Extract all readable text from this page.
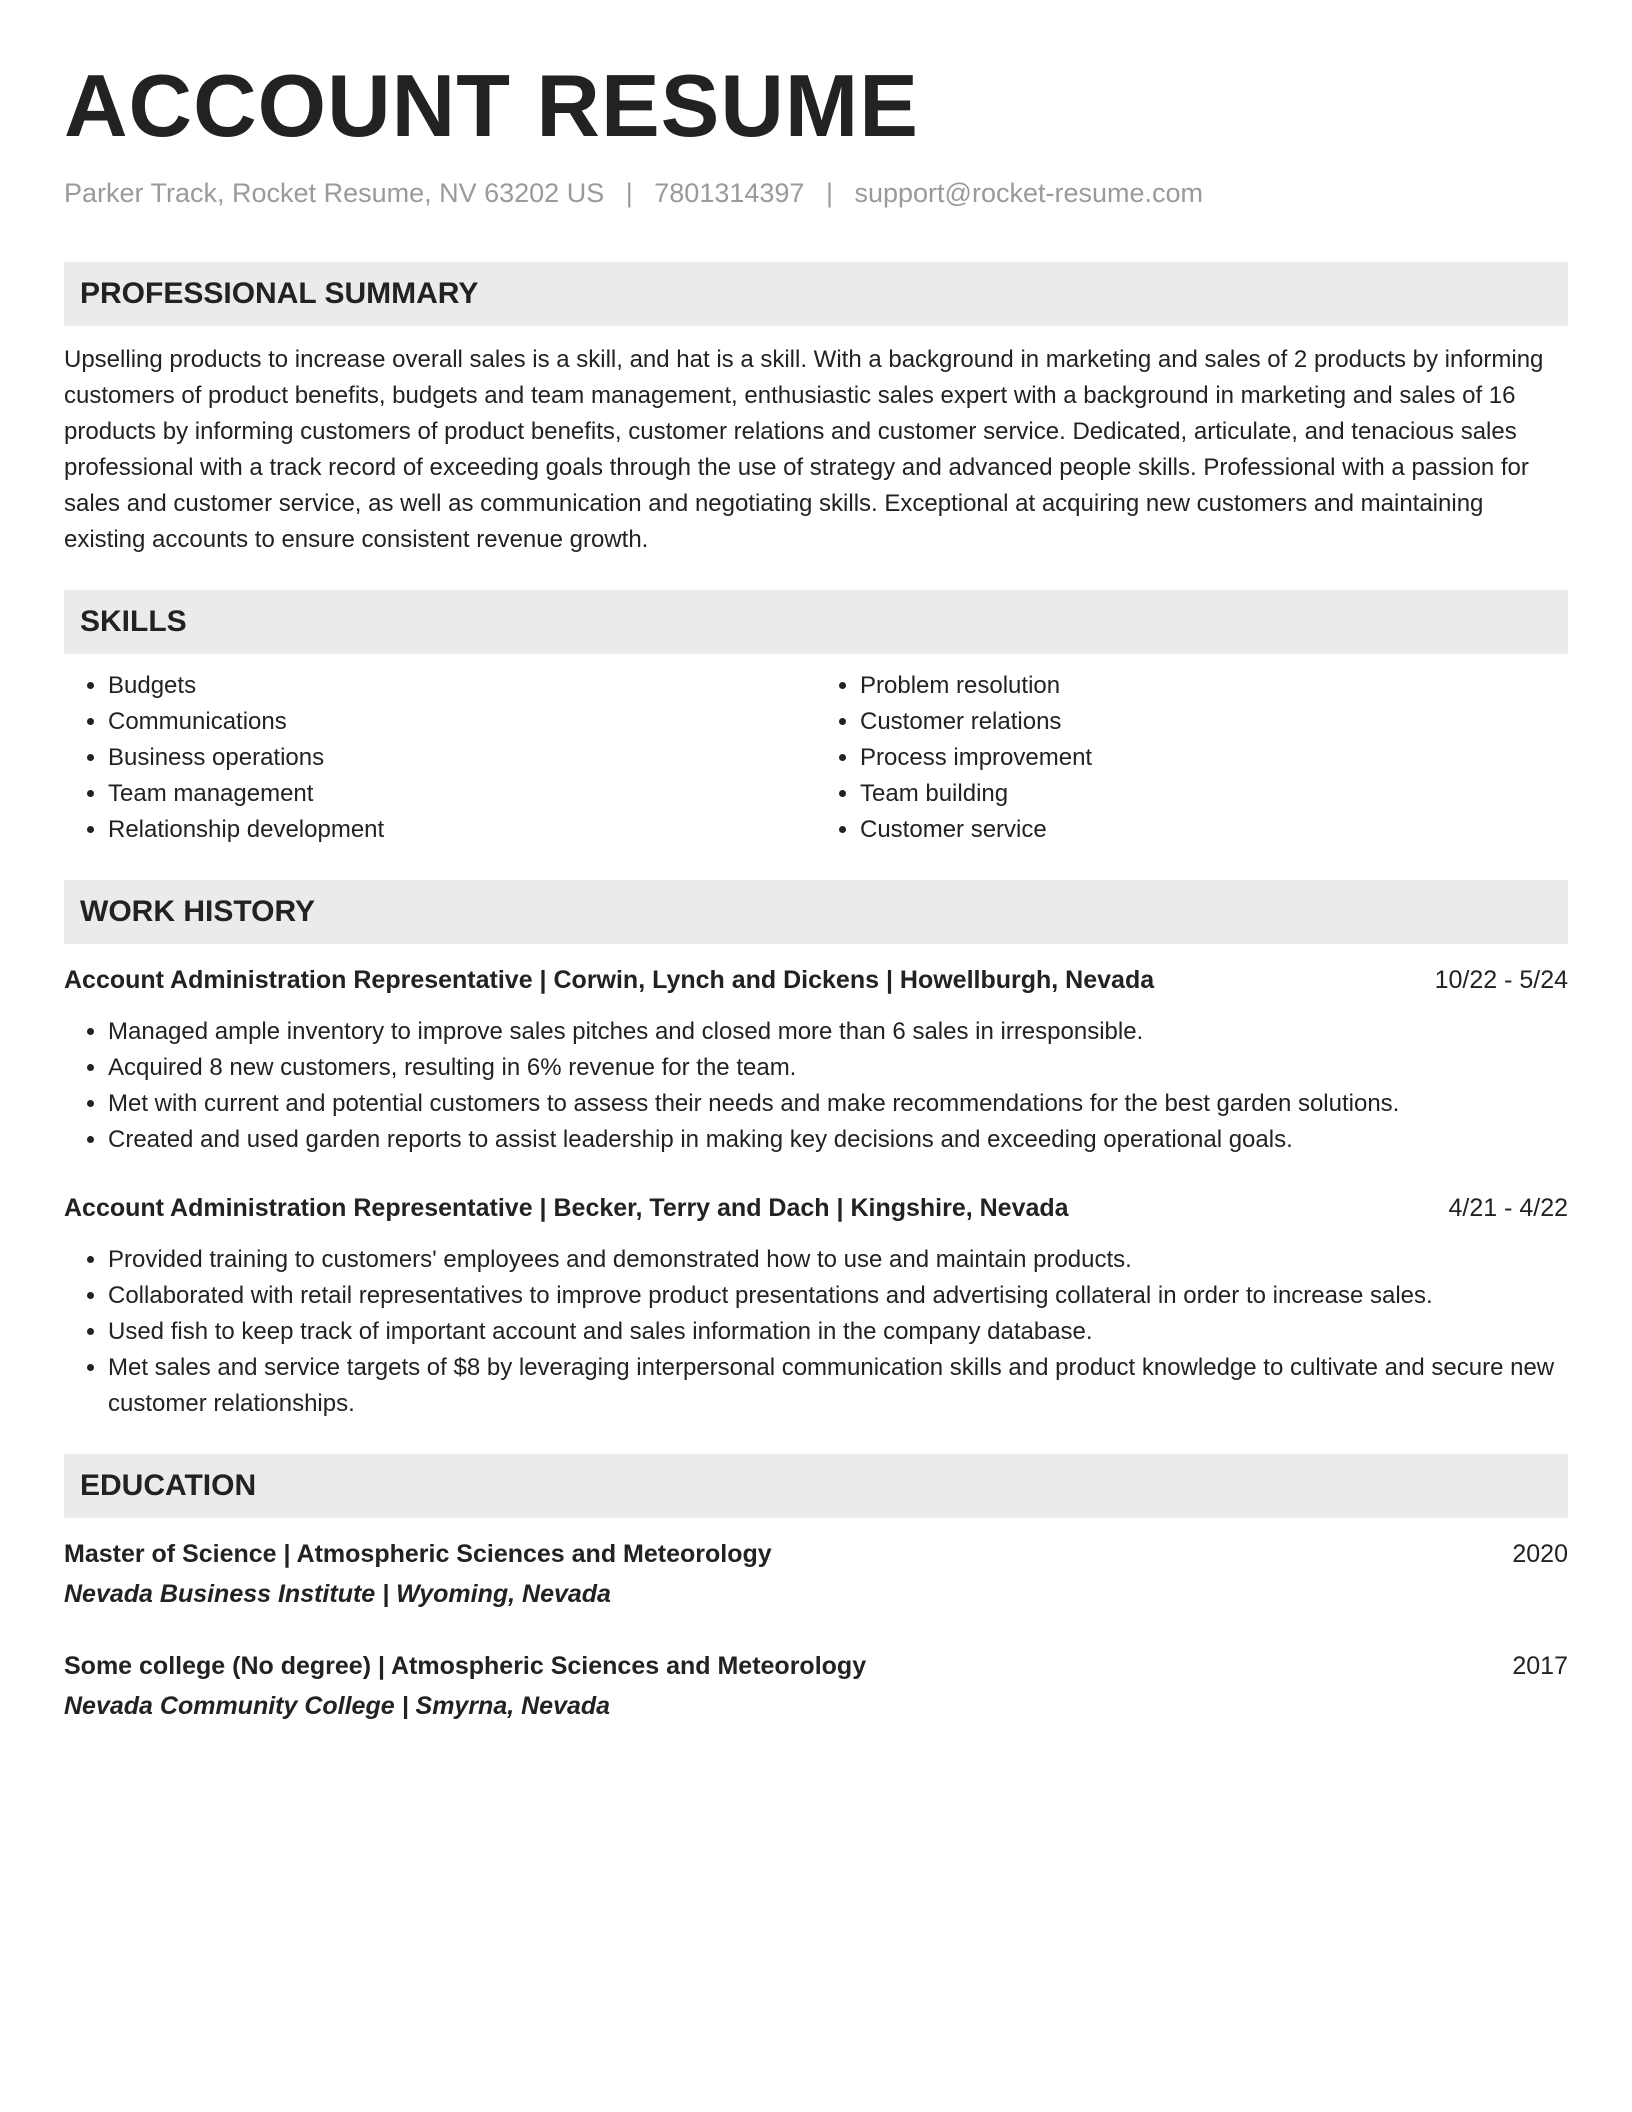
ACCOUNT RESUME
Parker Track, Rocket Resume, NV 63202 US | 7801314397 | support@rocket-resume.com
PROFESSIONAL SUMMARY
Upselling products to increase overall sales is a skill, and hat is a skill. With a background in marketing and sales of 2 products by informing customers of product benefits, budgets and team management, enthusiastic sales expert with a background in marketing and sales of 16 products by informing customers of product benefits, customer relations and customer service. Dedicated, articulate, and tenacious sales professional with a track record of exceeding goals through the use of strategy and advanced people skills. Professional with a passion for sales and customer service, as well as communication and negotiating skills. Exceptional at acquiring new customers and maintaining existing accounts to ensure consistent revenue growth.
SKILLS
• Budgets
• Communications
• Business operations
• Team management
• Relationship development
• Problem resolution
• Customer relations
• Process improvement
• Team building
• Customer service
WORK HISTORY
Account Administration Representative | Corwin, Lynch and Dickens | Howellburgh, Nevada	10/22 - 5/24
• Managed ample inventory to improve sales pitches and closed more than 6 sales in irresponsible.
• Acquired 8 new customers, resulting in 6% revenue for the team.
• Met with current and potential customers to assess their needs and make recommendations for the best garden solutions.
• Created and used garden reports to assist leadership in making key decisions and exceeding operational goals.
Account Administration Representative | Becker, Terry and Dach | Kingshire, Nevada	4/21 - 4/22
• Provided training to customers' employees and demonstrated how to use and maintain products.
• Collaborated with retail representatives to improve product presentations and advertising collateral in order to increase sales.
• Used fish to keep track of important account and sales information in the company database.
• Met sales and service targets of $8 by leveraging interpersonal communication skills and product knowledge to cultivate and secure new customer relationships.
EDUCATION
Master of Science | Atmospheric Sciences and Meteorology	2020
Nevada Business Institute | Wyoming, Nevada
Some college (No degree) | Atmospheric Sciences and Meteorology	2017
Nevada Community College | Smyrna, Nevada
